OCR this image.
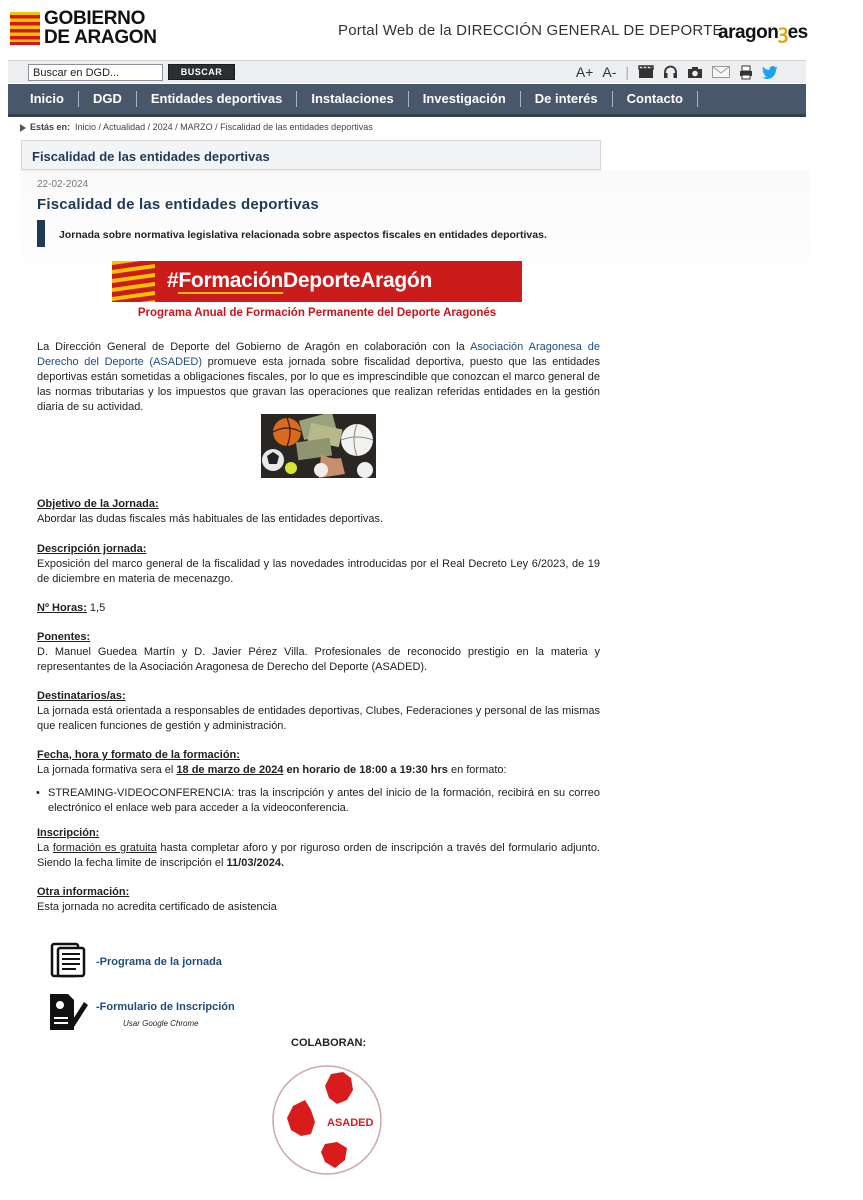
GOBIERNO
DE ARAGON	Portal Web de la DIRECCIÓN GENERAL DE DEPORTE
aragonꝫes
Buscar en DGD...
BUSCAR	A+ A- |
Inicio	DGD	Entidades deportivas	Instalaciones	Investigación	De interés	Contacto
Estás en: Inicio / Actualidad / 2024 / MARZO / Fiscalidad de las entidades deportivas
Fiscalidad de las entidades deportivas
22-02-2024
Fiscalidad de las entidades deportivas
Jornada sobre normativa legislativa relacionada sobre aspectos fiscales en entidades deportivas.
#FormaciónDeporteAragón
Programa Anual de Formación Permanente del Deporte Aragonés
La Dirección General de Deporte del Gobierno de Aragón en colaboración con la Asociación Aragonesa de Derecho del Deporte (ASADED) promueve esta jornada sobre fiscalidad deportiva, puesto que las entidades deportivas están sometidas a obligaciones fiscales, por lo que es imprescindible que conozcan el marco general de las normas tributarias y los impuestos que gravan las operaciones que realizan referidas entidades en la gestión diaria de su actividad.
Objetivo de la Jornada:
Abordar las dudas fiscales más habituales de las entidades deportivas.
Descripción jornada:
Exposición del marco general de la fiscalidad y las novedades introducidas por el Real Decreto Ley 6/2023, de 19 de diciembre en materia de mecenazgo.
Nº Horas: 1,5
Ponentes:
D. Manuel Guedea Martín y D. Javier Pérez Villa. Profesionales de reconocido prestigio en la materia y representantes de la Asociación Aragonesa de Derecho del Deporte (ASADED).
Destinatarios/as:
La jornada está orientada a responsables de entidades deportivas, Clubes, Federaciones y personal de las mismas que realicen funciones de gestión y administración.
Fecha, hora y formato de la formación:
La jornada formativa sera el 18 de marzo de 2024 en horario de 18:00 a 19:30 hrs en formato:
• STREAMING-VIDEOCONFERENCIA: tras la inscripción y antes del inicio de la formación, recibirá en su correo electrónico el enlace web para acceder a la videoconferencia.
Inscripción:
La formación es gratuita hasta completar aforo y por riguroso orden de inscripción a través del formulario adjunto. Siendo la fecha limite de inscripción el 11/03/2024.
Otra información:
Esta jornada no acredita certificado de asistencia
-Programa de la jornada
-Formulario de Inscripción
Usar Google Chrome
COLABORAN:
ASADED
